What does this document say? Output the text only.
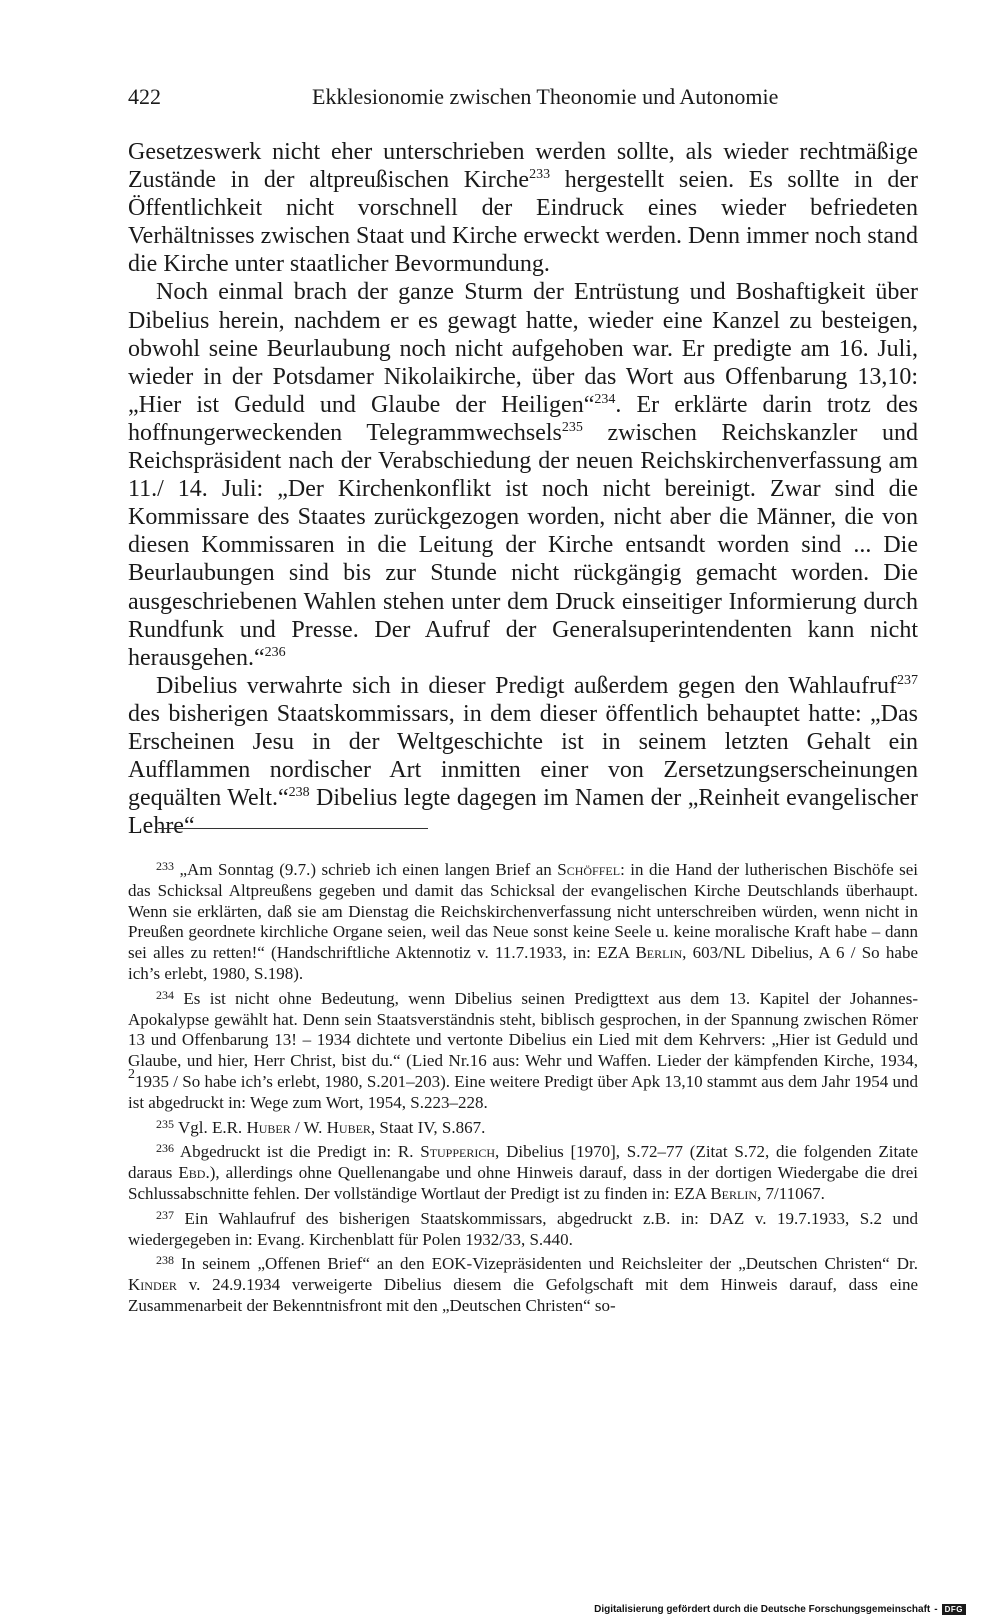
422	Ekklesionomie zwischen Theonomie und Autonomie

Gesetzeswerk nicht eher unterschrieben werden sollte, als wieder rechtmäßige Zustände in der altpreußischen Kirche$^{233}$ hergestellt seien. Es sollte in der Öffentlichkeit nicht vorschnell der Eindruck eines wieder befriedeten Verhältnisses zwischen Staat und Kirche erweckt werden. Denn immer noch stand die Kirche unter staatlicher Bevormundung.

Noch einmal brach der ganze Sturm der Entrüstung und Boshaftigkeit über Dibelius herein, nachdem er es gewagt hatte, wieder eine Kanzel zu besteigen, obwohl seine Beurlaubung noch nicht aufgehoben war. Er predigte am 16. Juli, wieder in der Potsdamer Nikolaikirche, über das Wort aus Offenbarung 13,10: „Hier ist Geduld und Glaube der Heiligen“$^{234}$. Er erklärte darin trotz des hoffnungerweckenden Telegrammwechsels$^{235}$ zwischen Reichskanzler und Reichspräsident nach der Verabschiedung der neuen Reichskirchenverfassung am 11./ 14. Juli: „Der Kirchenkonflikt ist noch nicht bereinigt. Zwar sind die Kommissare des Staates zurückgezogen worden, nicht aber die Männer, die von diesen Kommissaren in die Leitung der Kirche entsandt worden sind ... Die Beurlaubungen sind bis zur Stunde nicht rückgängig gemacht worden. Die ausgeschriebenen Wahlen stehen unter dem Druck einseitiger Informierung durch Rundfunk und Presse. Der Aufruf der Generalsuperintendenten kann nicht herausgehen.“$^{236}$

Dibelius verwahrte sich in dieser Predigt außerdem gegen den Wahlaufruf$^{237}$ des bisherigen Staatskommissars, in dem dieser öffentlich behauptet hatte: „Das Erscheinen Jesu in der Weltgeschichte ist in seinem letzten Gehalt ein Aufflammen nordischer Art inmitten einer von Zersetzungserscheinungen gequälten Welt.“$^{238}$ Dibelius legte dagegen im Namen der „Reinheit evangelischer Lehre“

$^{233}$ „Am Sonntag (9.7.) schrieb ich einen langen Brief an Schöffel: in die Hand der lutherischen Bischöfe sei das Schicksal Altpreußens gegeben und damit das Schicksal der evangelischen Kirche Deutschlands überhaupt. Wenn sie erklärten, daß sie am Dienstag die Reichskirchenverfassung nicht unterschreiben würden, wenn nicht in Preußen geordnete kirchliche Organe seien, weil das Neue sonst keine Seele u. keine moralische Kraft habe – dann sei alles zu retten!“ (Handschriftliche Aktennotiz v. 11.7.1933, in: EZA Berlin, 603/NL Dibelius, A 6 / So habe ich’s erlebt, 1980, S.198).

$^{234}$ Es ist nicht ohne Bedeutung, wenn Dibelius seinen Predigttext aus dem 13. Kapitel der Johannes-Apokalypse gewählt hat. Denn sein Staatsverständnis steht, biblisch gesprochen, in der Spannung zwischen Römer 13 und Offenbarung 13! – 1934 dichtete und vertonte Dibelius ein Lied mit dem Kehrvers: „Hier ist Geduld und Glaube, und hier, Herr Christ, bist du.“ (Lied Nr.16 aus: Wehr und Waffen. Lieder der kämpfenden Kirche, 1934, $^2$1935 / So habe ich’s erlebt, 1980, S.201–203). Eine weitere Predigt über Apk 13,10 stammt aus dem Jahr 1954 und ist abgedruckt in: Wege zum Wort, 1954, S.223–228.

$^{235}$ Vgl. E.R. Huber / W. Huber, Staat IV, S.867.

$^{236}$ Abgedruckt ist die Predigt in: R. Stupperich, Dibelius [1970], S.72–77 (Zitat S.72, die folgenden Zitate daraus Ebd.), allerdings ohne Quellenangabe und ohne Hinweis darauf, dass in der dortigen Wiedergabe die drei Schlussabschnitte fehlen. Der vollständige Wortlaut der Predigt ist zu finden in: EZA Berlin, 7/11067.

$^{237}$ Ein Wahlaufruf des bisherigen Staatskommissars, abgedruckt z.B. in: DAZ v. 19.7.1933, S.2 und wiedergegeben in: Evang. Kirchenblatt für Polen 1932/33, S.440.

$^{238}$ In seinem „Offenen Brief“ an den EOK-Vizepräsidenten und Reichsleiter der „Deutschen Christen“ Dr. Kinder v. 24.9.1934 verweigerte Dibelius diesem die Gefolgschaft mit dem Hinweis darauf, dass eine Zusammenarbeit der Bekenntnisfront mit den „Deutschen Christen“ so-

Digitalisierung gefördert durch die Deutsche Forschungsgemeinschaft - DFG
